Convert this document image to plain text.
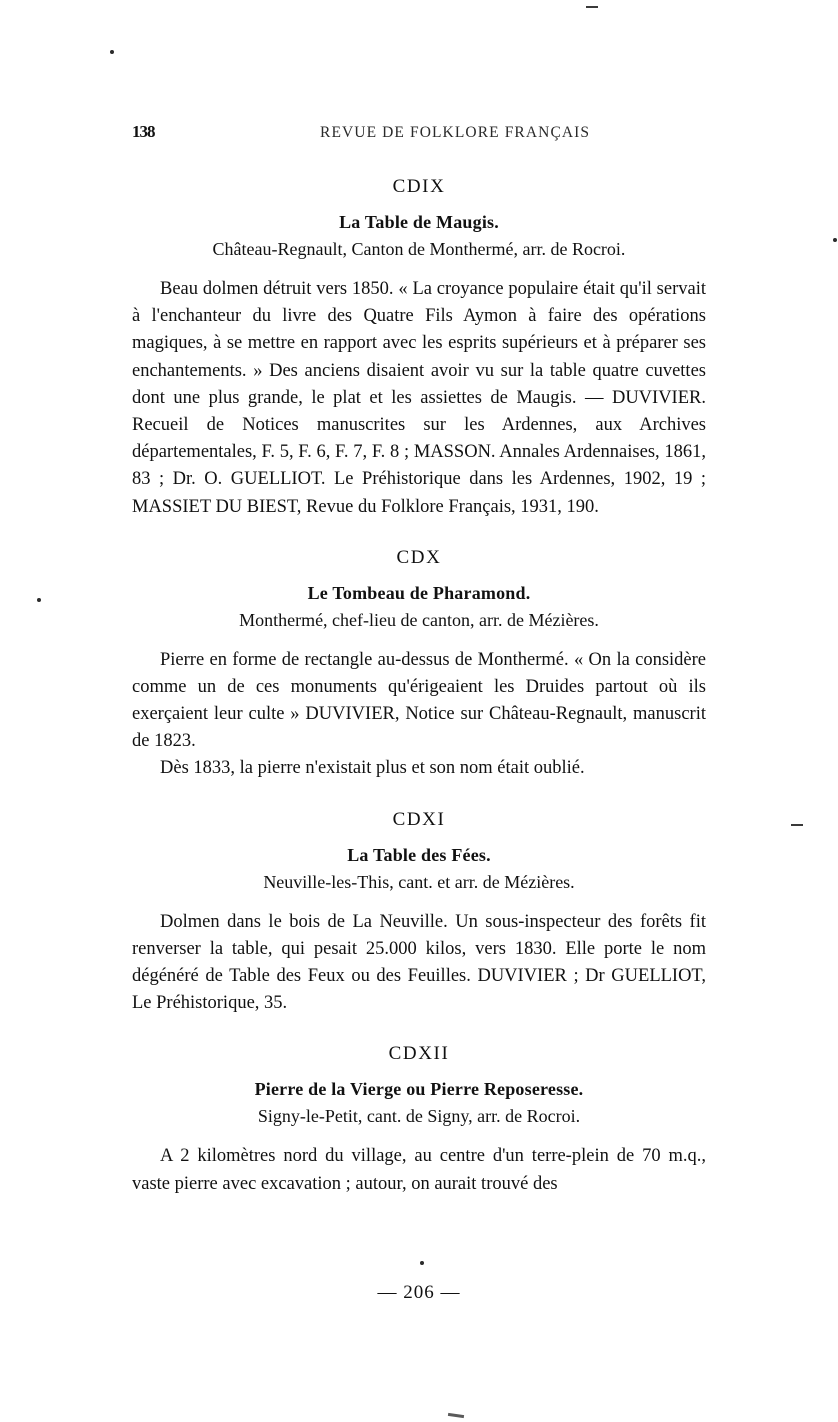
138	REVUE DE FOLKLORE FRANÇAIS
CDIX
La Table de Maugis.
Château-Regnault, Canton de Monthermé, arr. de Rocroi.

Beau dolmen détruit vers 1850. « La croyance populaire était qu'il servait à l'enchanteur du livre des Quatre Fils Aymon à faire des opérations magiques, à se mettre en rapport avec les esprits supérieurs et à préparer ses enchantements. » Des anciens disaient avoir vu sur la table quatre cuvettes dont une plus grande, le plat et les assiettes de Maugis. — DUVIVIER. Recueil de Notices manuscrites sur les Ardennes, aux Archives départementales, F. 5, F. 6, F. 7, F. 8 ; MASSON. Annales Ardennaises, 1861, 83 ; Dr. O. GUELLIOT. Le Préhistorique dans les Ardennes, 1902, 19 ; MASSIET DU BIEST, Revue du Folklore Français, 1931, 190.

CDX
Le Tombeau de Pharamond.
Monthermé, chef-lieu de canton, arr. de Mézières.

Pierre en forme de rectangle au-dessus de Monthermé. « On la considère comme un de ces monuments qu'érigeaient les Druides partout où ils exerçaient leur culte » DUVIVIER, Notice sur Château-Regnault, manuscrit de 1823.

Dès 1833, la pierre n'existait plus et son nom était oublié.

CDXI
La Table des Fées.
Neuville-les-This, cant. et arr. de Mézières.

Dolmen dans le bois de La Neuville. Un sous-inspecteur des forêts fit renverser la table, qui pesait 25.000 kilos, vers 1830. Elle porte le nom dégénéré de Table des Feux ou des Feuilles. DUVIVIER ; Dr GUELLIOT, Le Préhistorique, 35.

CDXII
Pierre de la Vierge ou Pierre Reposeresse.
Signy-le-Petit, cant. de Signy, arr. de Rocroi.

A 2 kilomètres nord du village, au centre d'un terre-plein de 70 m.q., vaste pierre avec excavation ; autour, on aurait trouvé des

— 206 —
